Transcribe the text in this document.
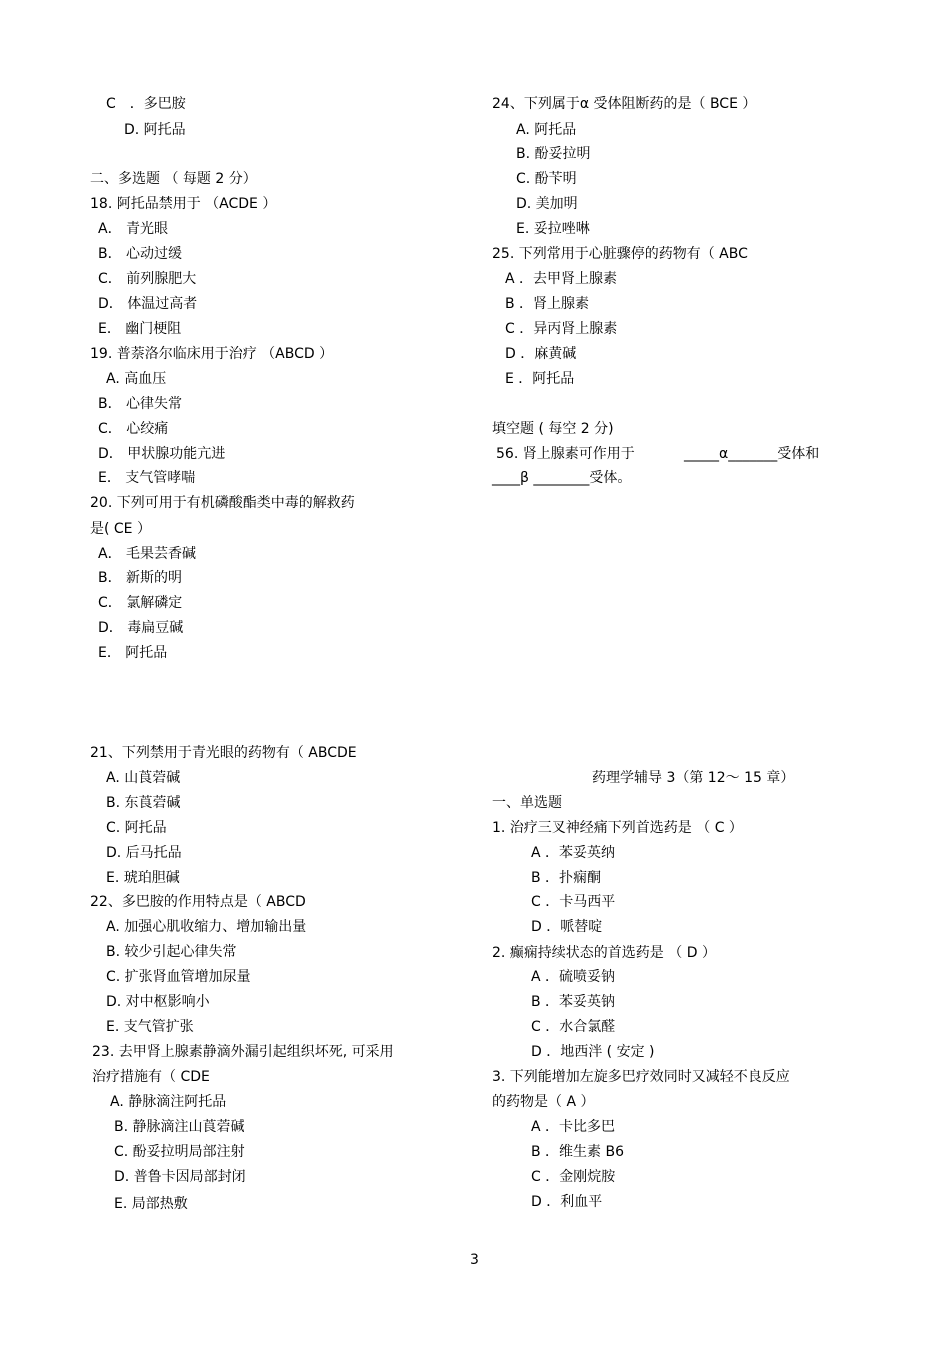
C　．多巴胺
D. 阿托品
二、多选题 （ 每题 2 分）
18. 阿托品禁用于 （ACDE ）
A． 青光眼
B． 心动过缓
C． 前列腺肥大
D． 体温过高者
E． 幽门梗阻
19. 普萘洛尔临床用于治疗 （ABCD ）
A. 高血压
B． 心律失常
C． 心绞痛
D． 甲状腺功能亢进
E． 支气管哮喘
20. 下列可用于有机磷酸酯类中毒的解救药
是( CE ）
A． 毛果芸香碱
B． 新斯的明
C． 氯解磷定
D． 毒扁豆碱
E． 阿托品
21、下列禁用于青光眼的药物有（ ABCDE
A. 山莨菪碱
B. 东莨菪碱
C. 阿托品
D. 后马托品
E. 琥珀胆碱
22、多巴胺的作用特点是（ ABCD
A. 加强心肌收缩力、增加输出量
B. 较少引起心律失常
C. 扩张肾血管增加尿量
D. 对中枢影响小
E. 支气管扩张
23. 去甲肾上腺素静滴外漏引起组织坏死, 可采用
治疗措施有（ CDE
A. 静脉滴注阿托品
B. 静脉滴注山莨菪碱
C. 酚妥拉明局部注射
D. 普鲁卡因局部封闭
E. 局部热敷
24、下列属于α 受体阻断药的是（ BCE ）
A. 阿托品
B. 酚妥拉明
C. 酚苄明
D. 美加明
E. 妥拉唑啉
25. 下列常用于心脏骤停的药物有（ ABC
A ．去甲肾上腺素
B ．肾上腺素
C ．异丙肾上腺素
D ．麻黄碱
E ．阿托品
填空题 ( 每空 2 分)
56. 肾上腺素可作用于	_____α_______受体和
____β ________受体。
药理学辅导 3（第 12～ 15 章）
一、单选题
1. 治疗三叉神经痛下列首选药是 （ C ）
A ．苯妥英纳
B ．扑痫酮
C ．卡马西平
D ．哌替啶
2. 癫痫持续状态的首选药是 （ D ）
A ．硫喷妥钠
B ．苯妥英钠
C ．水合氯醛
D ．地西泮 ( 安定 )
3. 下列能增加左旋多巴疗效同时又减轻不良反应
的药物是（ A ）
A ．卡比多巴
B ．维生素 B6
C ．金刚烷胺
D ．利血平
3
